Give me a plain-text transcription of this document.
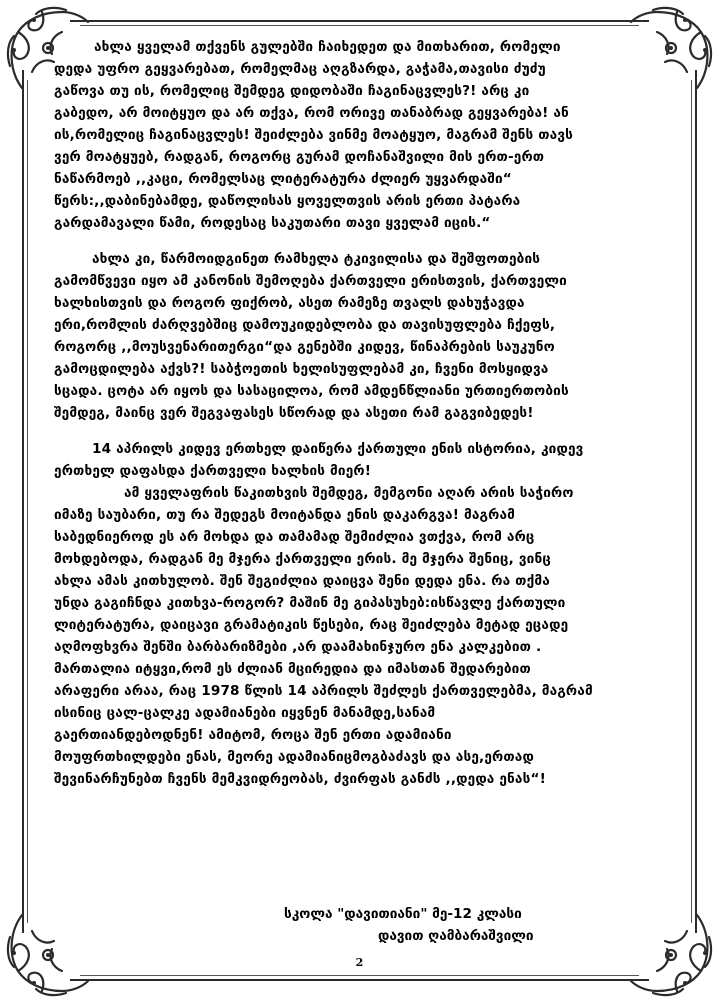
ახლა ყველამ თქვენს გულებში ჩაიხედეთ და მითხარით, რომელი
დედა უფრო გეყვარებათ, რომელმაც აღგზარდა, გაჭამა,თავისი ძუძუ
გაწოვა თუ ის, რომელიც შემდეგ დიდობაში ჩაგინაცვლეს?! არც კი
გაბედო, არ მოიტყუო და არ თქვა, რომ ორივე თანაბრად გეყვარება! ან
ის,რომელიც ჩაგინაცვლეს! შეიძლება ვინმე მოატყუო, მაგრამ შენს თავს
ვერ მოატყუებ, რადგან, როგორც გურამ დოჩანაშვილი მის ერთ-ერთ
ნაწარმოებ ,,კაცი, რომელსაც ლიტერატურა ძლიერ უყვარდაში“
წერს:,,დაბინებამდე, დაწოლისას ყოველთვის არის ერთი პატარა
გარდამავალი წამი, როდესაც საკუთარი თავი ყველამ იცის.“
ახლა კი, წარმოიდგინეთ რამხელა ტკივილისა და შეშფოთების
გამომწვევი იყო ამ კანონის შემოღება ქართველი ერისთვის, ქართველი
ხალხისთვის და როგორ ფიქრობ, ასეთ რამეზე თვალს დახუჭავდა
ერი,რომლის ძარღვებშიც დამოუკიდებლობა და თავისუფლება ჩქეფს,
როგორც ,,მოუსვენარითერგი“და გენებში კიდევ, წინაპრების საუკუნო
გამოცდილება აქვს?! საბჭოეთის ხელისუფლებამ კი, ჩვენი მოსყიდვა
სცადა. ცოტა არ იყოს და სასაცილოა, რომ ამდენწლიანი ურთიერთობის
შემდეგ, მაინც ვერ შეგვაფასეს სწორად და ასეთი რამ გაგვიბედეს!
14 აპრილს კიდევ ერთხელ დაიწერა ქართული ენის ისტორია, კიდევ
ერთხელ დაფასდა ქართველი ხალხის მიერ!
ამ ყველაფრის წაკითხვის შემდეგ, მემგონი აღარ არის საჭირო
იმაზე საუბარი, თუ რა შედეგს მოიტანდა ენის დაკარგვა! მაგრამ
საბედნიეროდ ეს არ მოხდა და თამამად შემიძლია ვთქვა, რომ არც
მოხდებოდა, რადგან მე მჯერა ქართველი ერის. მე მჯერა შენიც, ვინც
ახლა ამას კითხულობ. შენ შეგიძლია დაიცვა შენი დედა ენა. რა თქმა
უნდა გაგიჩნდა კითხვა-როგორ? მაშინ მე გიპასუხებ:ისწავლე ქართული
ლიტერატურა, დაიცავი გრამატიკის წესები, რაც შეიძლება მეტად ეცადე
აღმოფხვრა შენში ბარბარიზმები ,არ დაამახინჯურო ენა კალკებით .
მართალია იტყვი,რომ ეს ძლიან მცირედია და იმასთან შედარებით
არაფერი არაა, რაც 1978 წლის 14 აპრილს შეძლეს ქართველებმა, მაგრამ
ისინიც ცალ-ცალკე ადამიანები იყვნენ მანამდე,სანამ
გაერთიანდებოდნენ! ამიტომ, როცა შენ ერთი ადამიანი
მოუფრთხილდები ენას, მეორე ადამიანიცმოგბაძავს და ასე,ერთად
შევინარჩუნებთ ჩვენს მემკვიდრეობას, ძვირფას განძს ,,დედა ენას“!
სკოლა "დავითიანი" მე-12 კლასი
დავით ღამბარაშვილი
2
